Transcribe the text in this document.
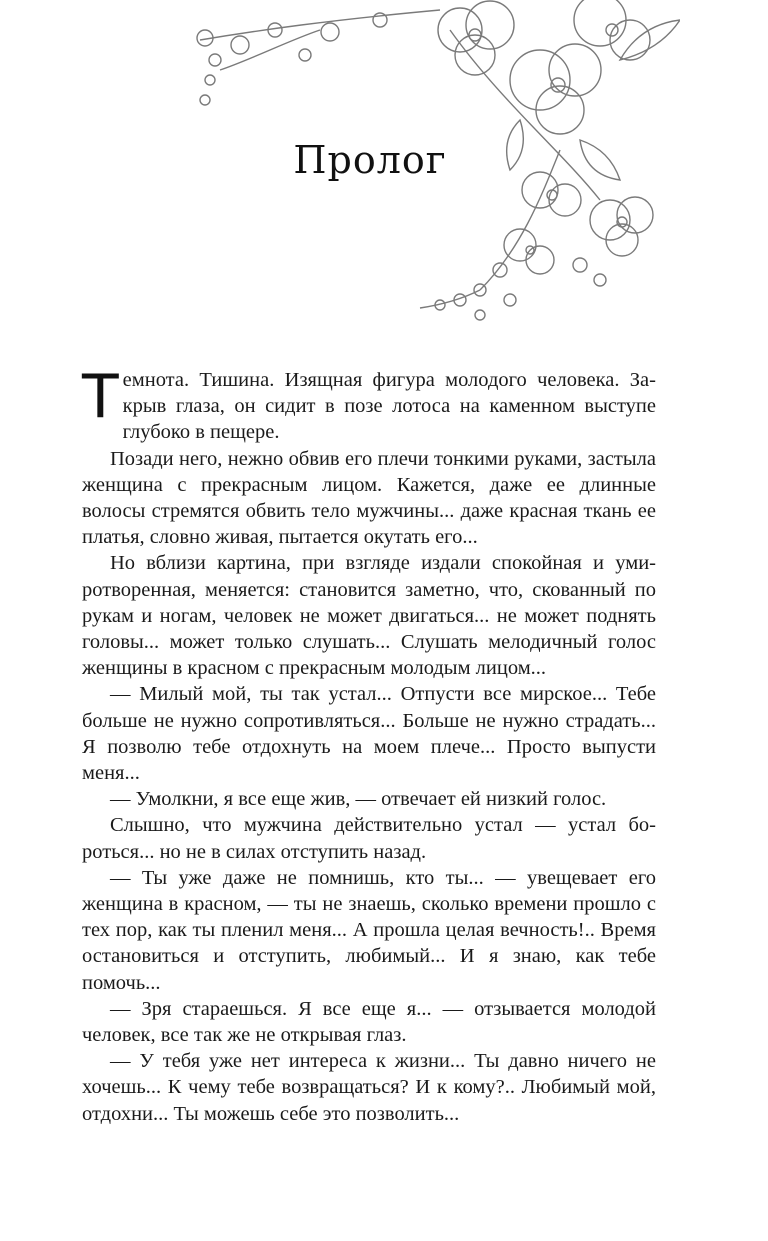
Пролог

Темнота. Тишина. Изящная фигура молодого человека. Закрыв глаза, он сидит в позе лотоса на каменном выступе глубоко в пещере.

Позади него, нежно обвив его плечи тонкими руками, застыла женщина с прекрасным лицом. Кажется, даже ее длинные волосы стремятся обвить тело мужчины... даже красная ткань ее платья, словно живая, пытается окутать его...

Но вблизи картина, при взгляде издали спокойная и умиротворенная, меняется: становится заметно, что, скованный по рукам и ногам, человек не может двигаться... не может поднять головы... может только слушать... Слушать мелодичный голос женщины в красном с прекрасным молодым лицом...

— Милый мой, ты так устал... Отпусти все мирское... Тебе больше не нужно сопротивляться... Больше не нужно страдать... Я позволю тебе отдохнуть на моем плече... Просто выпусти меня...

— Умолкни, я все еще жив, — отвечает ей низкий голос.

Слышно, что мужчина действительно устал — устал бороться... но не в силах отступить назад.

— Ты уже даже не помнишь, кто ты... — увещевает его женщина в красном, — ты не знаешь, сколько времени прошло с тех пор, как ты пленил меня... А прошла целая вечность!.. Время остановиться и отступить, любимый... И я знаю, как тебе помочь...

— Зря стараешься. Я все еще я... — отзывается молодой человек, все так же не открывая глаз.

— У тебя уже нет интереса к жизни... Ты давно ничего не хочешь... К чему тебе возвращаться? И к кому?.. Любимый мой, отдохни... Ты можешь себе это позволить...
